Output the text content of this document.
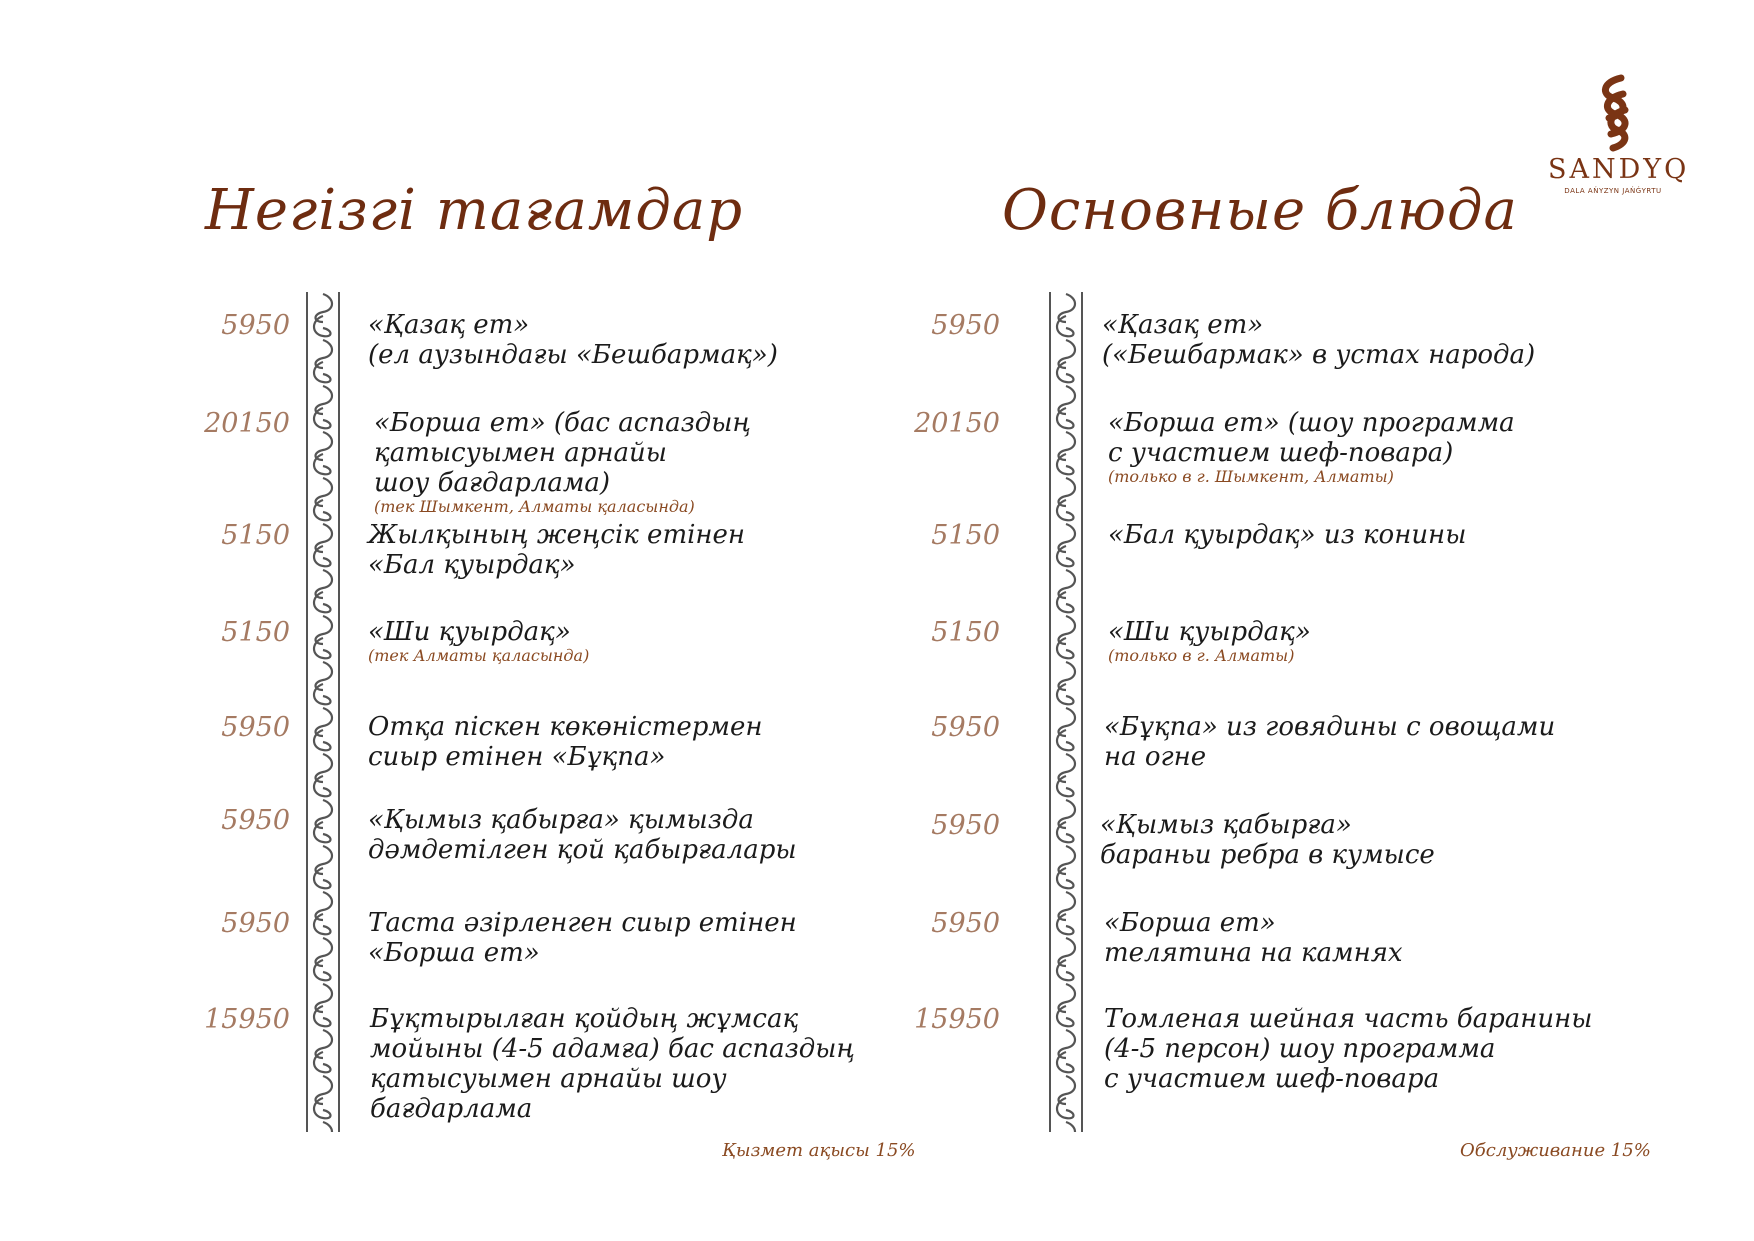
SANDYQ
DALA AŃYZYN JAŃǴYRTU
Негізгі тағамдар	Основные блюда
5950	«Қазақ ет»
(ел аузындағы «Бешбармақ»)
20150	«Борша ет» (бас аспаздың
қатысуымен арнайы
шоу бағдарлама)
(тек Шымкент, Алматы қаласында)
5150	Жылқының жеңсік етінен
«Бал қуырдақ»
5150	«Ши қуырдақ»
(тек Алматы қаласында)
5950	Отқа піскен көкөністермен
сиыр етінен «Бұқпа»
5950	«Қымыз қабырға» қымызда
дәмдетілген қой қабырғалары
5950	Таста әзірленген сиыр етінен
«Борша ет»
15950	Бұқтырылған қойдың жұмсақ
мойыны (4-5 адамға) бас аспаздың
қатысуымен арнайы шоу
бағдарлама
5950	«Қазақ ет»
(«Бешбармак» в устах народа)
20150	«Борша ет» (шоу программа
с участием шеф-повара)
(только в г. Шымкент, Алматы)
5150	«Бал қуырдақ» из конины
5150	«Ши қуырдақ»
(только в г. Алматы)
5950	«Бұқпа» из говядины с овощами
на огне
5950	«Қымыз қабырға»
бараньи ребра в кумысе
5950	«Борша ет»
телятина на камнях
15950	Томленая шейная часть баранины
(4-5 персон) шоу программа
с участием шеф-повара
Қызмет ақысы 15%	Обслуживание 15%
